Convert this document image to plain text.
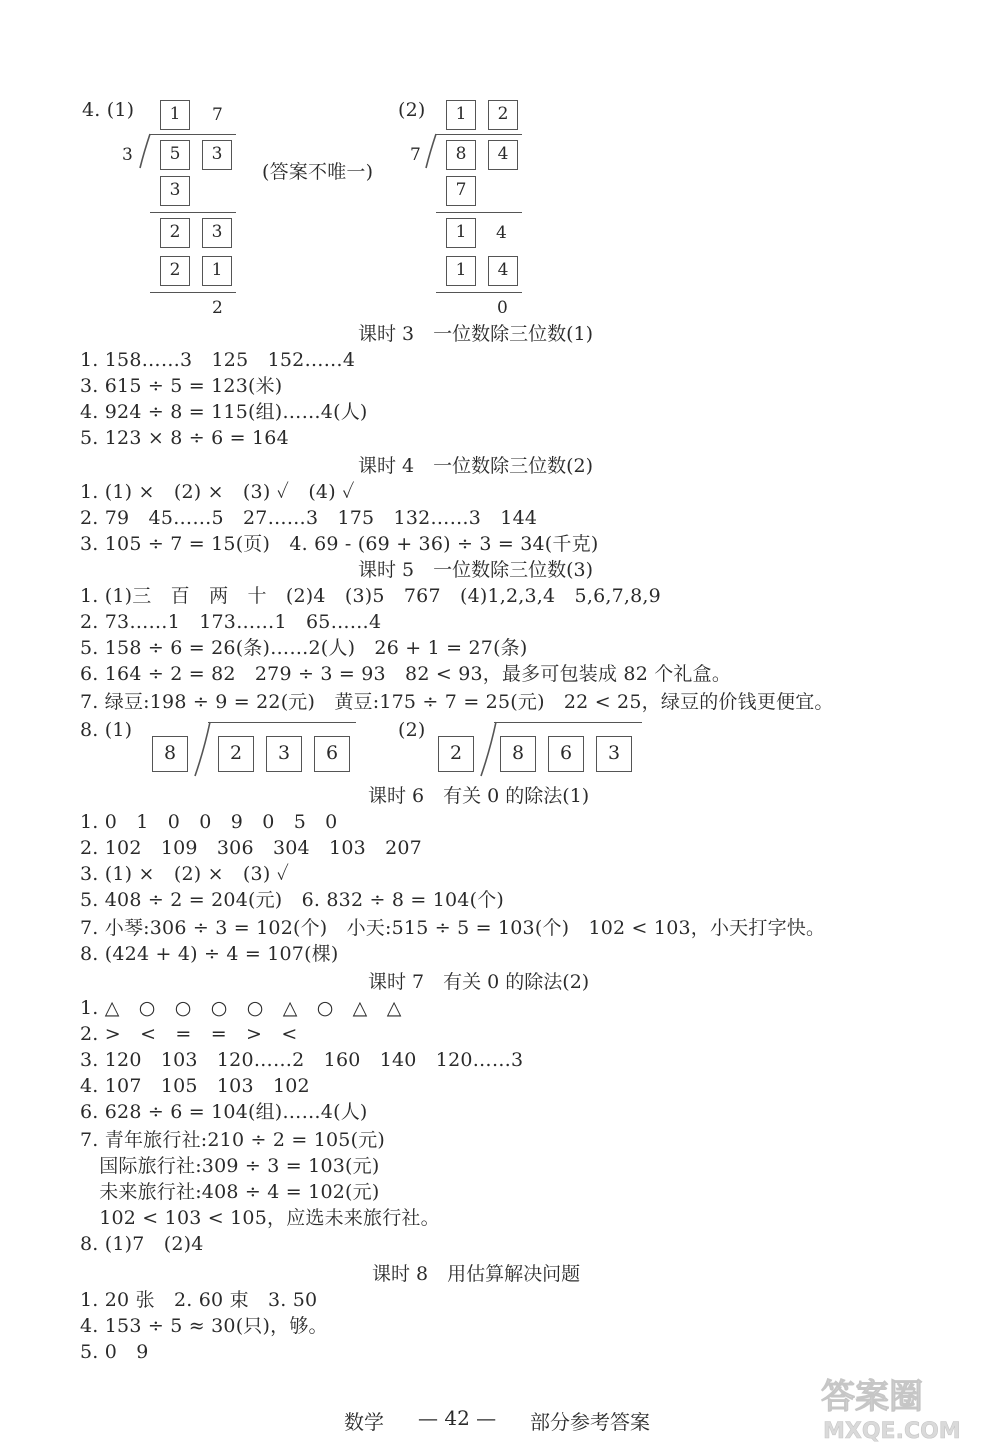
4. (1)	1	7
3	5	3
3
2	3
2	1
2
(答案不唯一)
(2)	1	2
7	8	4
7
1	4
1	4
0
课时 3　一位数除三位数(1)
1. 158……3　125　152……4
3. 615 ÷ 5 = 123(米)
4. 924 ÷ 8 = 115(组)……4(人)
5. 123 × 8 ÷ 6 = 164
课时 4　一位数除三位数(2)
1. (1) ×　(2) ×　(3) ✓　(4) ✓
2. 79　45……5　27……3　175　132……3　144
3. 105 ÷ 7 = 15(页)　4. 69 - (69 + 36) ÷ 3 = 34(千克)
课时 5　一位数除三位数(3)
1. (1)三　百　两　十　(2)4　(3)5　767　(4)1,2,3,4　5,6,7,8,9
2. 73……1　173……1　65……4
5. 158 ÷ 6 = 26(条)……2(人)　26 + 1 = 27(条)
6. 164 ÷ 2 = 82　279 ÷ 3 = 93　82 < 93，最多可包装成 82 个礼盒。
7. 绿豆:198 ÷ 9 = 22(元)　黄豆:175 ÷ 7 = 25(元)　22 < 25，绿豆的价钱更便宜。
8. (1)
8	2	3	6
(2)
2	8	6	3
课时 6　有关 0 的除法(1)
1. 0　1　0　0　9　0　5　0
2. 102　109　306　304　103　207
3. (1) ×　(2) ×　(3) ✓
5. 408 ÷ 2 = 204(元)　6. 832 ÷ 8 = 104(个)
7. 小琴:306 ÷ 3 = 102(个)　小天:515 ÷ 5 = 103(个)　102 < 103，小天打字快。
8. (424 + 4) ÷ 4 = 107(棵)
课时 7　有关 0 的除法(2)
1. △　○　○　○　○　△　○　△　△
2. >　<　=　=　>　<
3. 120　103　120……2　160　140　120……3
4. 107　105　103　102
6. 628 ÷ 6 = 104(组)……4(人)
7. 青年旅行社:210 ÷ 2 = 105(元)
　国际旅行社:309 ÷ 3 = 103(元)
　未来旅行社:408 ÷ 4 = 102(元)
　102 < 103 < 105，应选未来旅行社。
8. (1)7　(2)4
课时 8　用估算解决问题
1. 20 张　2. 60 束　3. 50
4. 153 ÷ 5 ≈ 30(只)，够。
5. 0　9
数学 — 42 — 部分参考答案
答案圈
MXQE.COM
